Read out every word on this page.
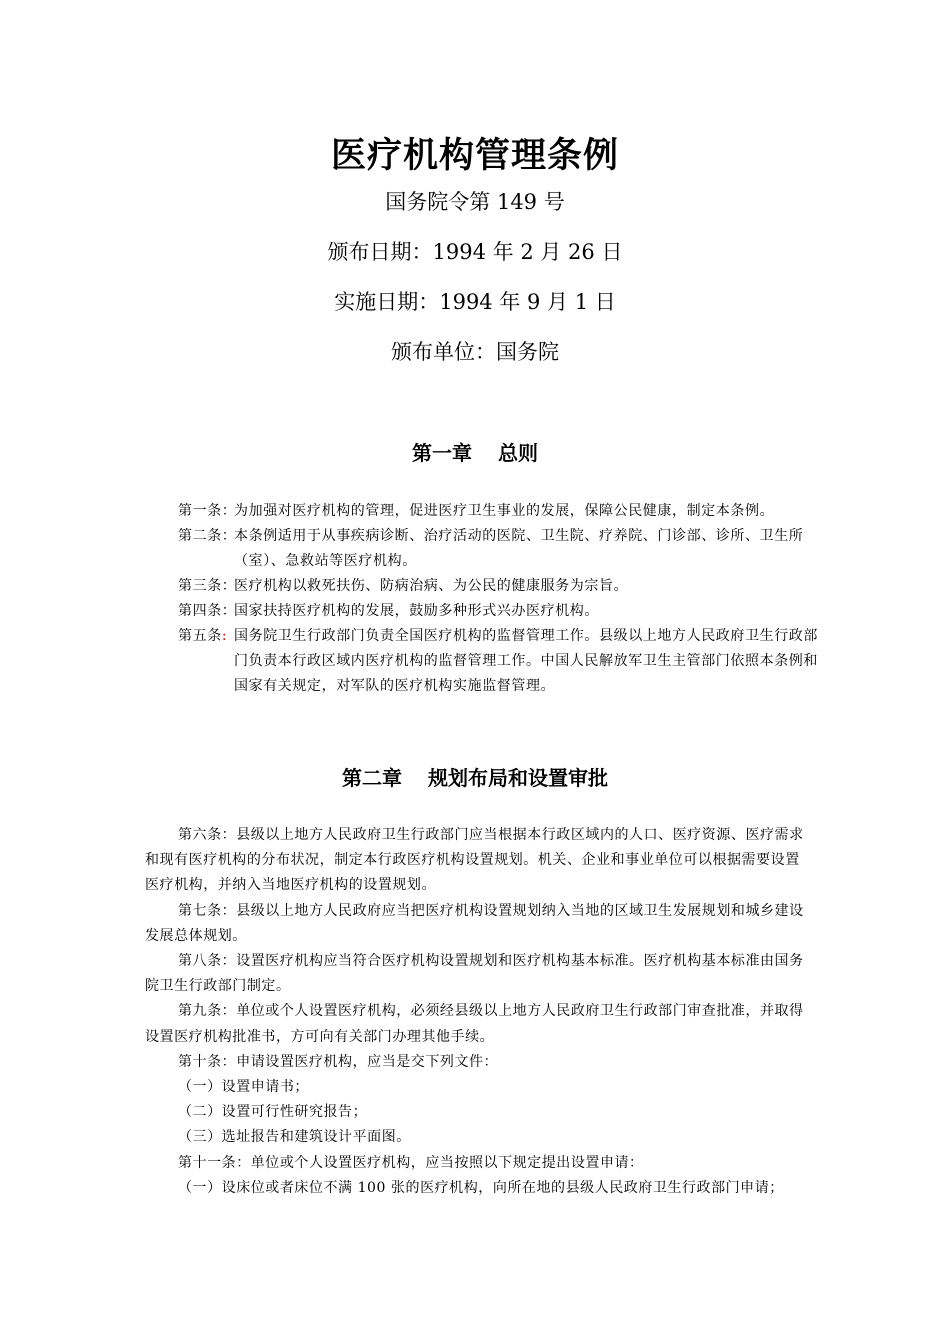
医疗机构管理条例
国务院令第 149 号
颁布日期：1994 年 2 月 26 日
实施日期：1994 年 9 月 1 日
颁布单位：国务院
第一章 总则
第一条：
为加强对医疗机构的管理，促进医疗卫生事业的发展，保障公民健康，制定本条例。
第二条：
本条例适用于从事疾病诊断、治疗活动的医院、卫生院、疗养院、门诊部、诊所、卫生所（室）、急救站等医疗机构。
第三条：
医疗机构以救死扶伤、防病治病、为公民的健康服务为宗旨。
第四条：
国家扶持医疗机构的发展，鼓励多种形式兴办医疗机构。
第五条: 国务院卫生行政部门负责全国医疗机构的监督管理工作。县级以上地方人民政府卫生行政部门负责本行政区域内医疗机构的监督管理工作。中国人民解放军卫生主管部门依照本条例和国家有关规定，对军队的医疗机构实施监督管理。
第二章 规划布局和设置审批

第六条：县级以上地方人民政府卫生行政部门应当根据本行政区域内的人口、医疗资源、医疗需求和现有医疗机构的分布状况，制定本行政医疗机构设置规划。机关、企业和事业单位可以根据需要设置医疗机构，并纳入当地医疗机构的设置规划。

第七条：县级以上地方人民政府应当把医疗机构设置规划纳入当地的区域卫生发展规划和城乡建设发展总体规划。

第八条：设置医疗机构应当符合医疗机构设置规划和医疗机构基本标准。医疗机构基本标准由国务院卫生行政部门制定。

第九条：单位或个人设置医疗机构，必须经县级以上地方人民政府卫生行政部门审查批准，并取得设置医疗机构批准书，方可向有关部门办理其他手续。

第十条：申请设置医疗机构，应当是交下列文件：

（一）设置申请书；

（二）设置可行性研究报告；

（三）选址报告和建筑设计平面图。

第十一条：单位或个人设置医疗机构，应当按照以下规定提出设置申请：

（一）设床位或者床位不满 100 张的医疗机构，向所在地的县级人民政府卫生行政部门申请；
